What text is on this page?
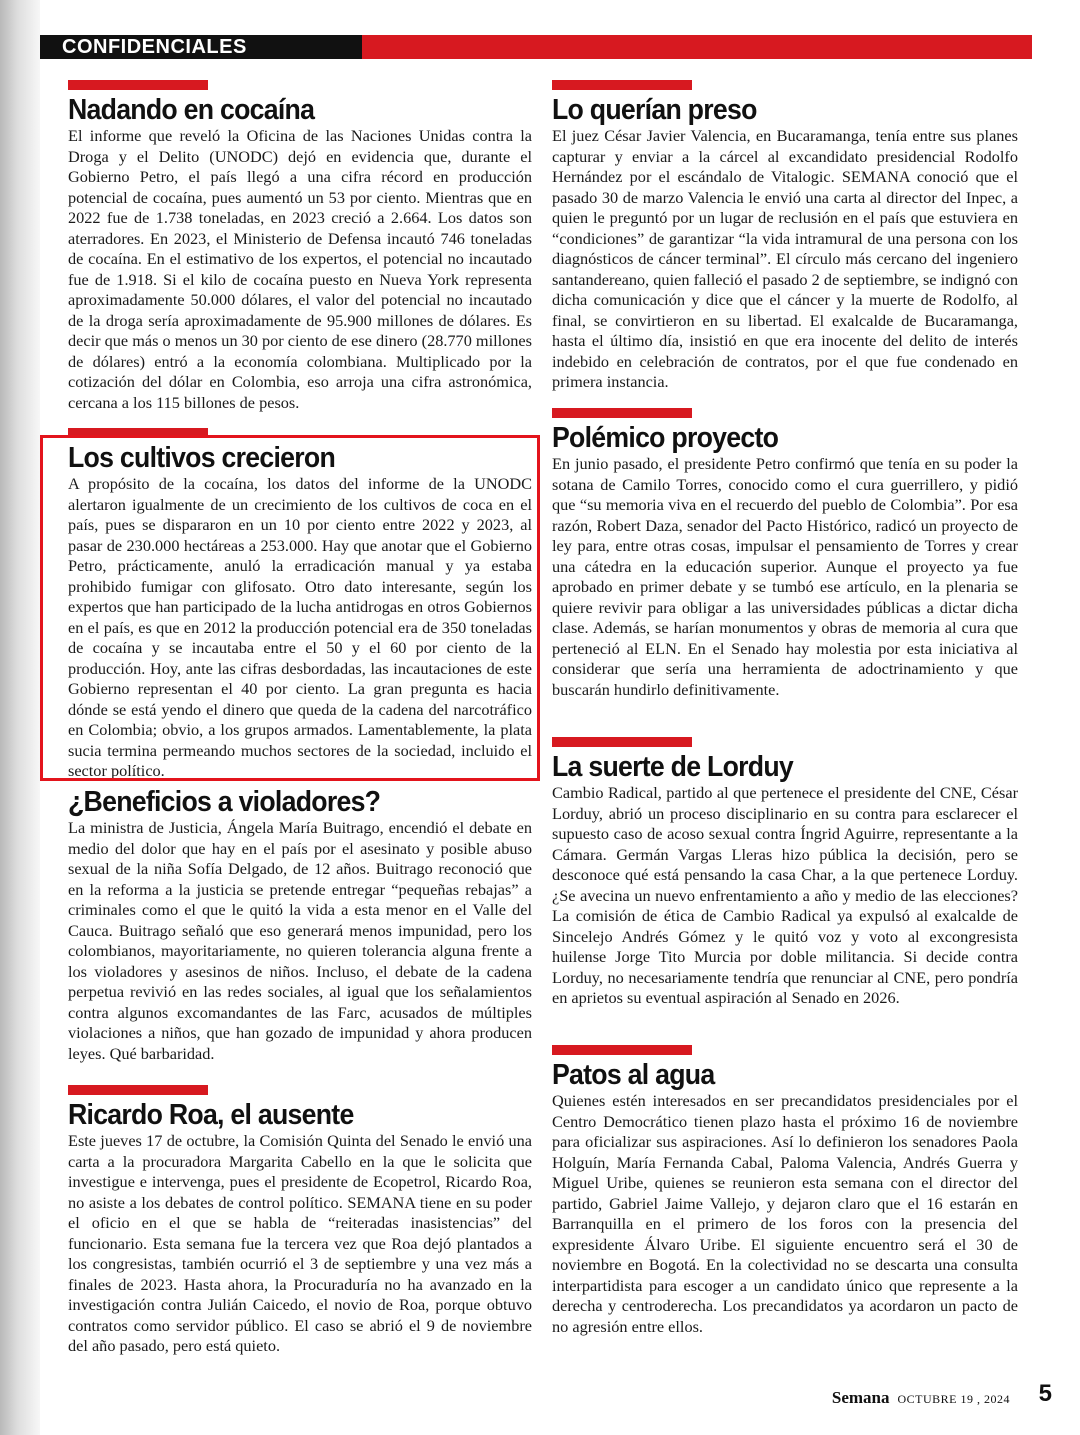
CONFIDENCIALES
Nadando en cocaína

El informe que reveló la Oficina de las Naciones Unidas contra la Droga y el Delito (UNODC) dejó en evidencia que, durante el Gobierno Petro, el país llegó a una cifra récord en producción potencial de cocaína, pues aumentó un 53 por ciento. Mientras que en 2022 fue de 1.738 toneladas, en 2023 creció a 2.664. Los datos son aterradores. En 2023, el Ministerio de Defensa incautó 746 toneladas de cocaína. En el estimativo de los expertos, el potencial no incautado fue de 1.918. Si el kilo de cocaína puesto en Nueva York representa aproximadamente 50.000 dólares, el valor del potencial no incautado de la droga sería aproximadamente de 95.900 millones de dólares. Es decir que más o menos un 30 por ciento de ese dinero (28.770 millones de dólares) entró a la economía colombiana. Multiplicado por la cotización del dólar en Colombia, eso arroja una cifra astronómica, cercana a los 115 billones de pesos.

Los cultivos crecieron

A propósito de la cocaína, los datos del informe de la UNODC alertaron igualmente de un crecimiento de los cultivos de coca en el país, pues se dispararon en un 10 por ciento entre 2022 y 2023, al pasar de 230.000 hectáreas a 253.000. Hay que anotar que el Gobierno Petro, prácticamente, anuló la erradicación manual y ya estaba prohibido fumigar con glifosato. Otro dato interesante, según los expertos que han participado de la lucha antidrogas en otros Gobiernos en el país, es que en 2012 la producción potencial era de 350 toneladas de cocaína y se incautaba entre el 50 y el 60 por ciento de la producción. Hoy, ante las cifras desbordadas, las incautaciones de este Gobierno representan el 40 por ciento. La gran pregunta es hacia dónde se está yendo el dinero que queda de la cadena del narcotráfico en Colombia; obvio, a los grupos armados. Lamentablemente, la plata sucia termina permeando muchos sectores de la sociedad, incluido el sector político.

¿Beneficios a violadores?

La ministra de Justicia, Ángela María Buitrago, encendió el debate en medio del dolor que hay en el país por el asesinato y posible abuso sexual de la niña Sofía Delgado, de 12 años. Buitrago reconoció que en la reforma a la justicia se pretende entregar “pequeñas rebajas” a criminales como el que le quitó la vida a esta menor en el Valle del Cauca. Buitrago señaló que eso generará menos impunidad, pero los colombianos, mayoritariamente, no quieren tolerancia alguna frente a los violadores y asesinos de niños. Incluso, el debate de la cadena perpetua revivió en las redes sociales, al igual que los señalamientos contra algunos excomandantes de las Farc, acusados de múltiples violaciones a niños, que han gozado de impunidad y ahora producen leyes. Qué barbaridad.

Ricardo Roa, el ausente

Este jueves 17 de octubre, la Comisión Quinta del Senado le envió una carta a la procuradora Margarita Cabello en la que le solicita que investigue e intervenga, pues el presidente de Ecopetrol, Ricardo Roa, no asiste a los debates de control político. SEMANA tiene en su poder el oficio en el que se habla de “reiteradas inasistencias” del funcionario. Esta semana fue la tercera vez que Roa dejó plantados a los congresistas, también ocurrió el 3 de septiembre y una vez más a finales de 2023. Hasta ahora, la Procuraduría no ha avanzado en la investigación contra Julián Caicedo, el novio de Roa, porque obtuvo contratos como servidor público. El caso se abrió el 9 de noviembre del año pasado, pero está quieto.

Lo querían preso

El juez César Javier Valencia, en Bucaramanga, tenía entre sus planes capturar y enviar a la cárcel al excandidato presidencial Rodolfo Hernández por el escándalo de Vitalogic. SEMANA conoció que el pasado 30 de marzo Valencia le envió una carta al director del Inpec, a quien le preguntó por un lugar de reclusión en el país que estuviera en “condiciones” de garantizar “la vida intramural de una persona con los diagnósticos de cáncer terminal”. El círculo más cercano del ingeniero santandereano, quien falleció el pasado 2 de septiembre, se indignó con dicha comunicación y dice que el cáncer y la muerte de Rodolfo, al final, se convirtieron en su libertad. El exalcalde de Bucaramanga, hasta el último día, insistió en que era inocente del delito de interés indebido en celebración de contratos, por el que fue condenado en primera instancia.

Polémico proyecto

En junio pasado, el presidente Petro confirmó que tenía en su poder la sotana de Camilo Torres, conocido como el cura guerrillero, y pidió que “su memoria viva en el recuerdo del pueblo de Colombia”. Por esa razón, Robert Daza, senador del Pacto Histórico, radicó un proyecto de ley para, entre otras cosas, impulsar el pensamiento de Torres y crear una cátedra en la educación superior. Aunque el proyecto ya fue aprobado en primer debate y se tumbó ese artículo, en la plenaria se quiere revivir para obligar a las universidades públicas a dictar dicha clase. Además, se harían monumentos y obras de memoria al cura que perteneció al ELN. En el Senado hay molestia por esta iniciativa al considerar que sería una herramienta de adoctrinamiento y que buscarán hundirlo definitivamente.

La suerte de Lorduy

Cambio Radical, partido al que pertenece el presidente del CNE, César Lorduy, abrió un proceso disciplinario en su contra para esclarecer el supuesto caso de acoso sexual contra Íngrid Aguirre, representante a la Cámara. Germán Vargas Lleras hizo pública la decisión, pero se desconoce qué está pensando la casa Char, a la que pertenece Lorduy. ¿Se avecina un nuevo enfrentamiento a año y medio de las elecciones? La comisión de ética de Cambio Radical ya expulsó al exalcalde de Sincelejo Andrés Gómez y le quitó voz y voto al excongresista huilense Jorge Tito Murcia por doble militancia. Si decide contra Lorduy, no necesariamente tendría que renunciar al CNE, pero pondría en aprietos su eventual aspiración al Senado en 2026.

Patos al agua

Quienes estén interesados en ser precandidatos presidenciales por el Centro Democrático tienen plazo hasta el próximo 16 de noviembre para oficializar sus aspiraciones. Así lo definieron los senadores Paola Holguín, María Fernanda Cabal, Paloma Valencia, Andrés Guerra y Miguel Uribe, quienes se reunieron esta semana con el director del partido, Gabriel Jaime Vallejo, y dejaron claro que el 16 estarán en Barranquilla en el primero de los foros con la presencia del expresidente Álvaro Uribe. El siguiente encuentro será el 30 de noviembre en Bogotá. En la colectividad no se descarta una consulta interpartidista para escoger a un candidato único que represente a la derecha y centroderecha. Los precandidatos ya acordaron un pacto de no agresión entre ellos.

Semana OCTUBRE 19 , 2024 5
